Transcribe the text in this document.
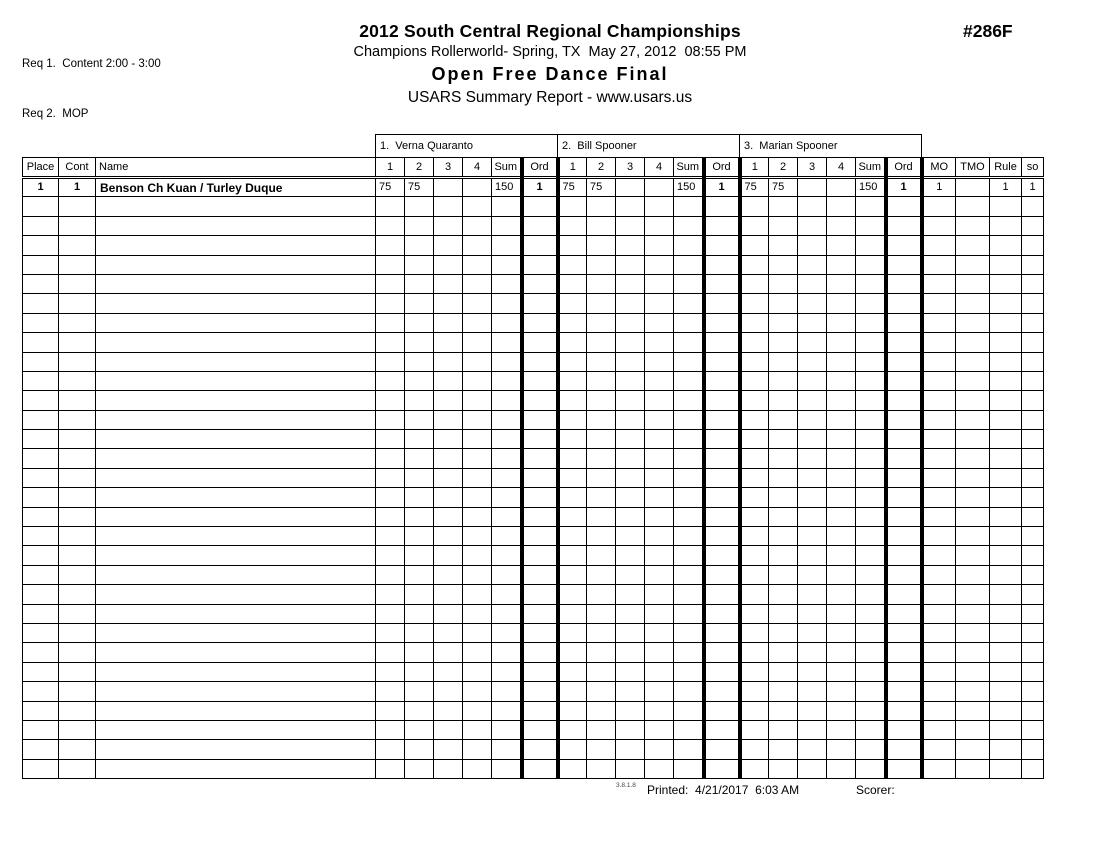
Req 1.  Content 2:00 - 3:00

Req 2.  MOP

#286F
2012 South Central Regional Championships
Champions Rollerworld- Spring, TX  May 27, 2012  08:55 PM
Open Free Dance Final
USARS Summary Report - www.usars.us
			1.  Verna Quaranto						2.  Bill Spooner						3.  Marian Spooner									
Place	Cont	Name	1	2	3	4	Sum	Ord	1	2	3	4	Sum	Ord	1	2	3	4	Sum	Ord	MO	TMO	Rule	so
1	1	Benson Ch Kuan / Turley Duque	75	75			150	1	75	75			150	1	75	75			150	1	1		1	1

3.8.1.8 Printed:  4/21/2017  6:03 AM	Scorer:
